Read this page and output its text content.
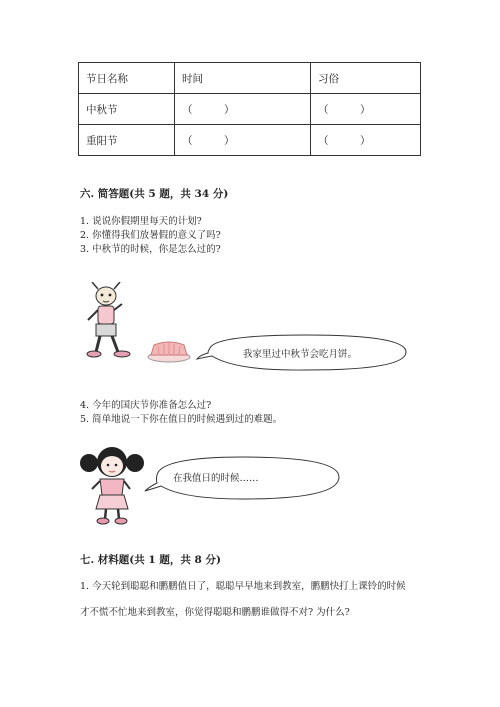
节日名称	时间	习俗
中秋节	（　　　）	（　　　）
重阳节	（　　　）	（　　　）
六. 简答题(共 5 题，共 34 分)
1. 说说你假期里每天的计划?
2. 你懂得我们放暑假的意义了吗?
3. 中秋节的时候，你是怎么过的?
我家里过中秋节会吃月饼。
4. 今年的国庆节你准备怎么过?
5. 简单地说一下你在值日的时候遇到过的难题。
在我值日的时候……
七. 材料题(共 1 题，共 8 分)
1. 今天轮到聪聪和鹏鹏值日了，聪聪早早地来到教室，鹏鹏快打上课铃的时候
才不慌不忙地来到教室，你觉得聪聪和鹏鹏谁做得不对? 为什么?
